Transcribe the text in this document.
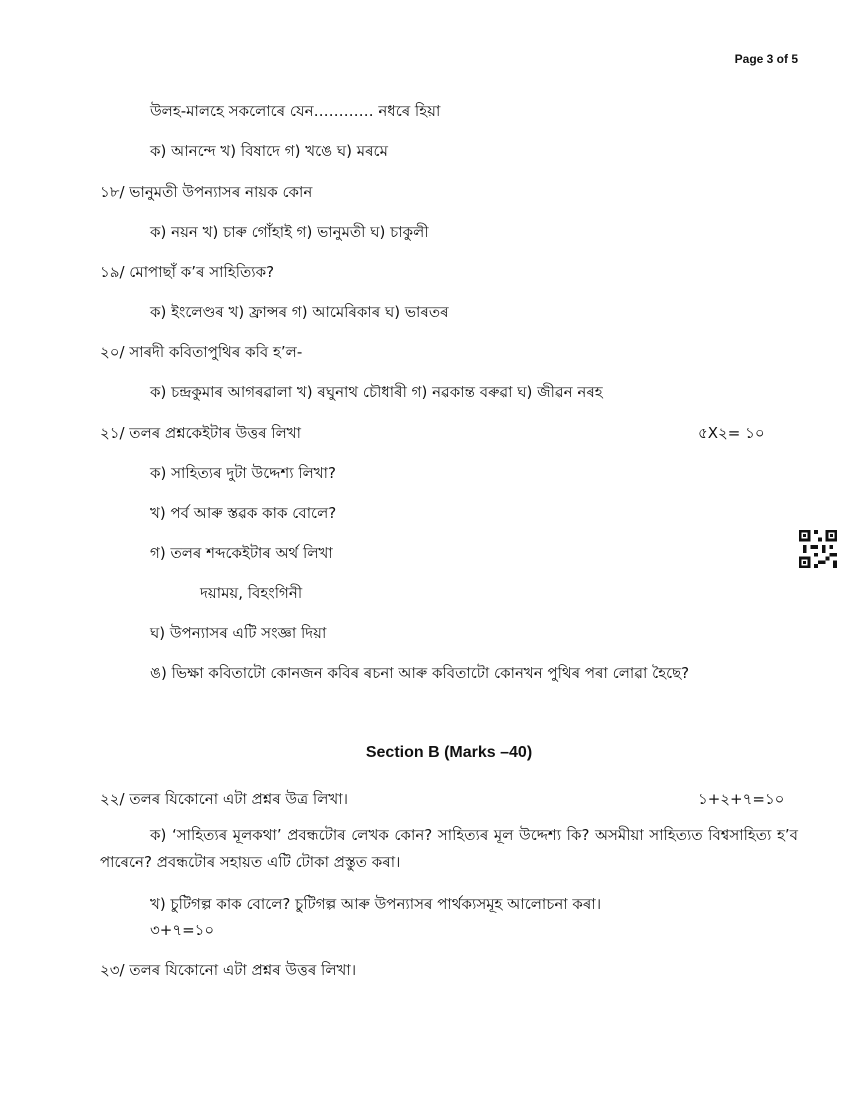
Page 3 of 5
উলহ-মালহে সকলোৰে যেন………… নধৰে হিয়া
ক) আনন্দে খ) বিষাদে গ) খঙে ঘ) মৰমে
১৮/ ভানুমতী উপন্যাসৰ নায়ক কোন
ক) নয়ন খ) চাৰু গোঁহাই গ) ভানুমতী ঘ) চাকুলী
১৯/ মোপাছাঁ ক’ৰ সাহিত্যিক?
ক) ইংলেণ্ডৰ খ) ফ্ৰান্সৰ গ) আমেৰিকাৰ ঘ) ভাৰতৰ
২০/ সাৰদী কবিতাপুথিৰ কবি হ’ল-
ক) চন্দ্ৰকুমাৰ আগৰৱালা খ) ৰঘুনাথ চৌধাৰী গ) নৱকান্ত বৰুৱা ঘ) জীৱন নৰহ
২১/ তলৰ প্ৰশ্নকেইটাৰ উত্তৰ লিখা	৫X২= ১০
ক) সাহিত্যৰ দুটা উদ্দেশ্য লিখা?
খ) পৰ্ব আৰু স্তৱক কাক বোলে?
গ) তলৰ শব্দকেইটাৰ অৰ্থ লিখা
দয়াময়, বিহংগিনী
ঘ) উপন্যাসৰ এটি সংজ্ঞা দিয়া
ঙ) ভিক্ষা কবিতাটো কোনজন কবিৰ ৰচনা আৰু কবিতাটো কোনখন পুথিৰ পৰা লোৱা হৈছে?
Section B (Marks –40)
২২/ তলৰ যিকোনো এটা প্ৰশ্নৰ উত্ৰ লিখা।	১+২+৭=১০
ক) ‘সাহিত্যৰ মূলকথা’ প্ৰবন্ধটোৰ লেখক কোন? সাহিত্যৰ মূল উদ্দেশ্য কি? অসমীয়া সাহিত্যত বিশ্বসাহিত্য হ’ব পাৰেনে? প্ৰবন্ধটোৰ সহায়ত এটি টোকা প্ৰস্তুত কৰা।
খ) চুটিগল্প কাক বোলে? চুটিগল্প আৰু উপন্যাসৰ পাৰ্থক্যসমূহ আলোচনা কৰা।
৩+৭=১০
২৩/ তলৰ যিকোনো এটা প্ৰশ্নৰ উত্তৰ লিখা।
